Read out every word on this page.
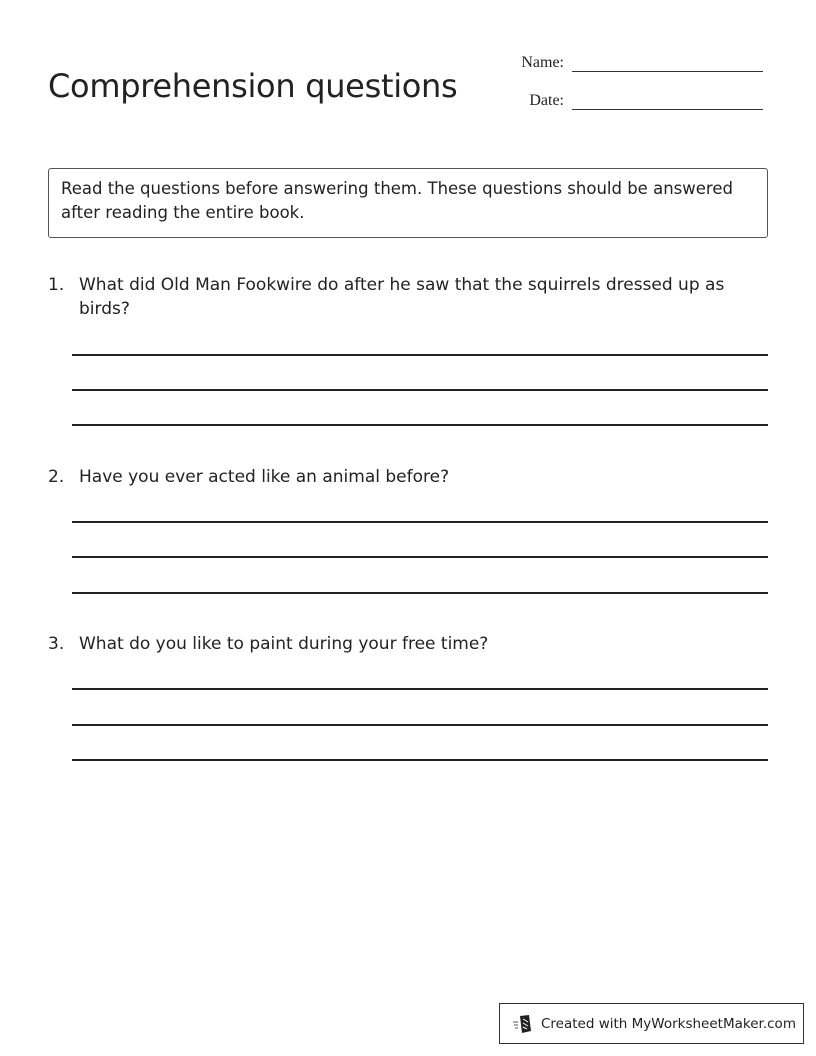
Comprehension questions
Name:
Date:
Read the questions before answering them. These questions should be answered after reading the entire book.
1. What did Old Man Fookwire do after he saw that the squirrels dressed up as birds?
2. Have you ever acted like an animal before?
3. What do you like to paint during your free time?
Created with MyWorksheetMaker.com
